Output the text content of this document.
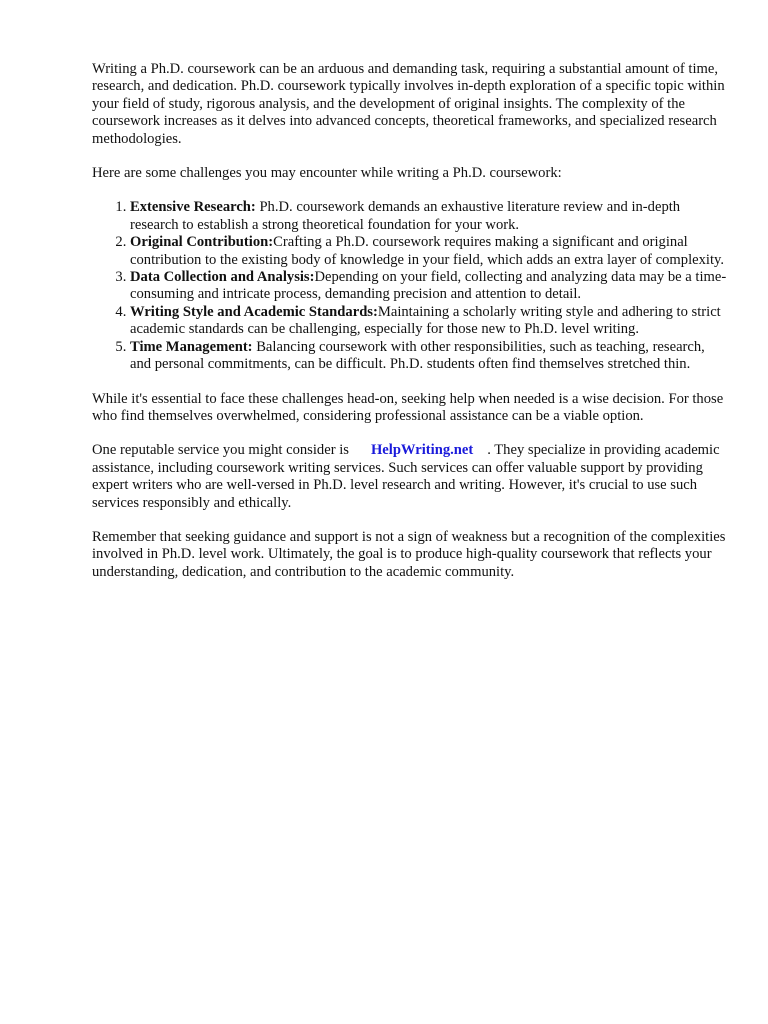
Writing a Ph.D. coursework can be an arduous and demanding task, requiring a substantial amount of time, research, and dedication. Ph.D. coursework typically involves in-depth exploration of a specific topic within your field of study, rigorous analysis, and the development of original insights. The complexity of the coursework increases as it delves into advanced concepts, theoretical frameworks, and specialized research methodologies.

Here are some challenges you may encounter while writing a Ph.D. coursework:

1. Extensive Research: Ph.D. coursework demands an exhaustive literature review and in-depth research to establish a strong theoretical foundation for your work.
2. Original Contribution:Crafting a Ph.D. coursework requires making a significant and original contribution to the existing body of knowledge in your field, which adds an extra layer of complexity.
3. Data Collection and Analysis:Depending on your field, collecting and analyzing data may be a time-consuming and intricate process, demanding precision and attention to detail.
4. Writing Style and Academic Standards:Maintaining a scholarly writing style and adhering to strict academic standards can be challenging, especially for those new to Ph.D. level writing.
5. Time Management: Balancing coursework with other responsibilities, such as teaching, research, and personal commitments, can be difficult. Ph.D. students often find themselves stretched thin.

While it's essential to face these challenges head-on, seeking help when needed is a wise decision. For those who find themselves overwhelmed, considering professional assistance can be a viable option.

One reputable service you might consider is HelpWriting.net . They specialize in providing academic assistance, including coursework writing services. Such services can offer valuable support by providing expert writers who are well-versed in Ph.D. level research and writing. However, it's crucial to use such services responsibly and ethically.

Remember that seeking guidance and support is not a sign of weakness but a recognition of the complexities involved in Ph.D. level work. Ultimately, the goal is to produce high-quality coursework that reflects your understanding, dedication, and contribution to the academic community.
